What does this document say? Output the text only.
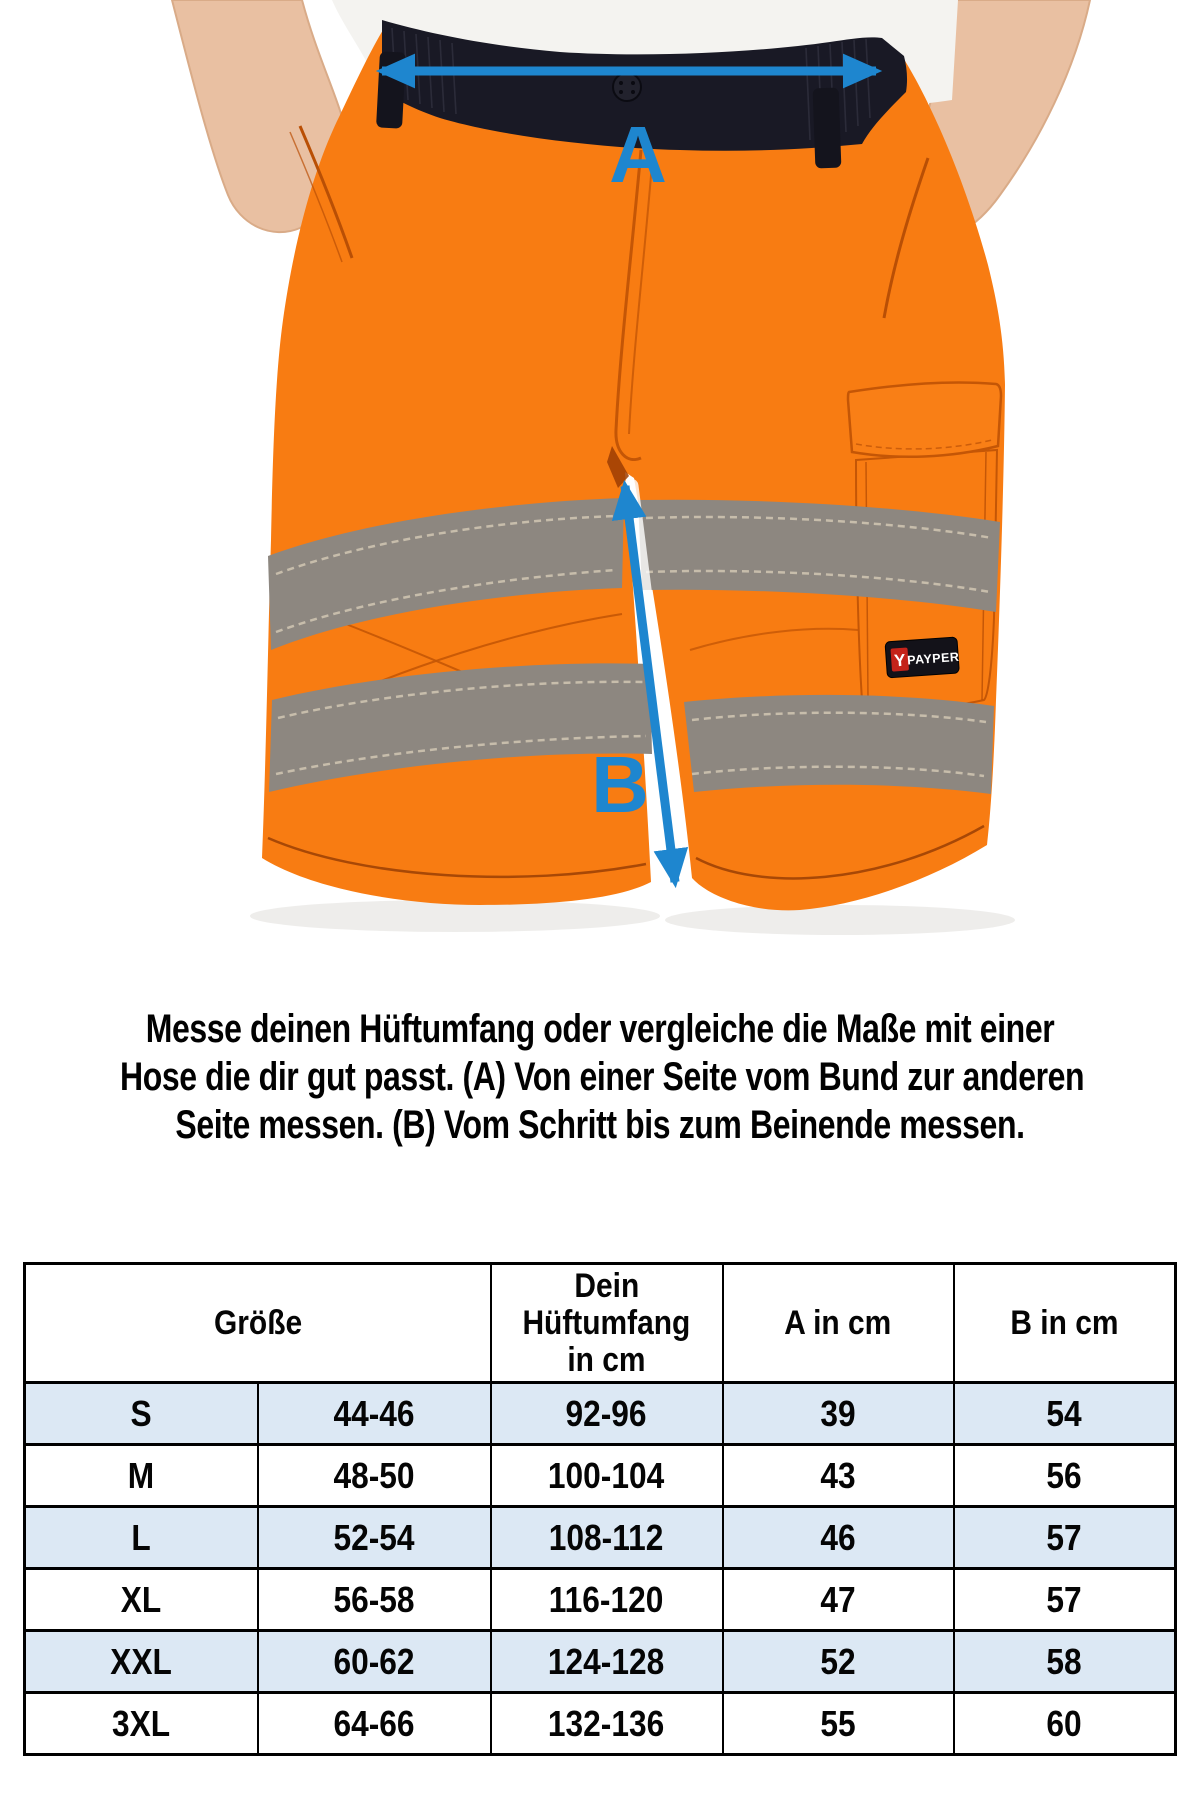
Y PAYPER
A
B
Messe deinen Hüftumfang oder vergleiche die Maße mit einer
Hose die dir gut passt. (A) Von einer Seite vom Bund zur anderen
Seite messen. (B) Vom Schritt bis zum Beinende messen.
Größe		Dein
Hüftumfang
in cm	A in cm	B in cm
S	44-46	92-96	39	54
M	48-50	100-104	43	56
L	52-54	108-112	46	57
XL	56-58	116-120	47	57
XXL	60-62	124-128	52	58
3XL	64-66	132-136	55	60
